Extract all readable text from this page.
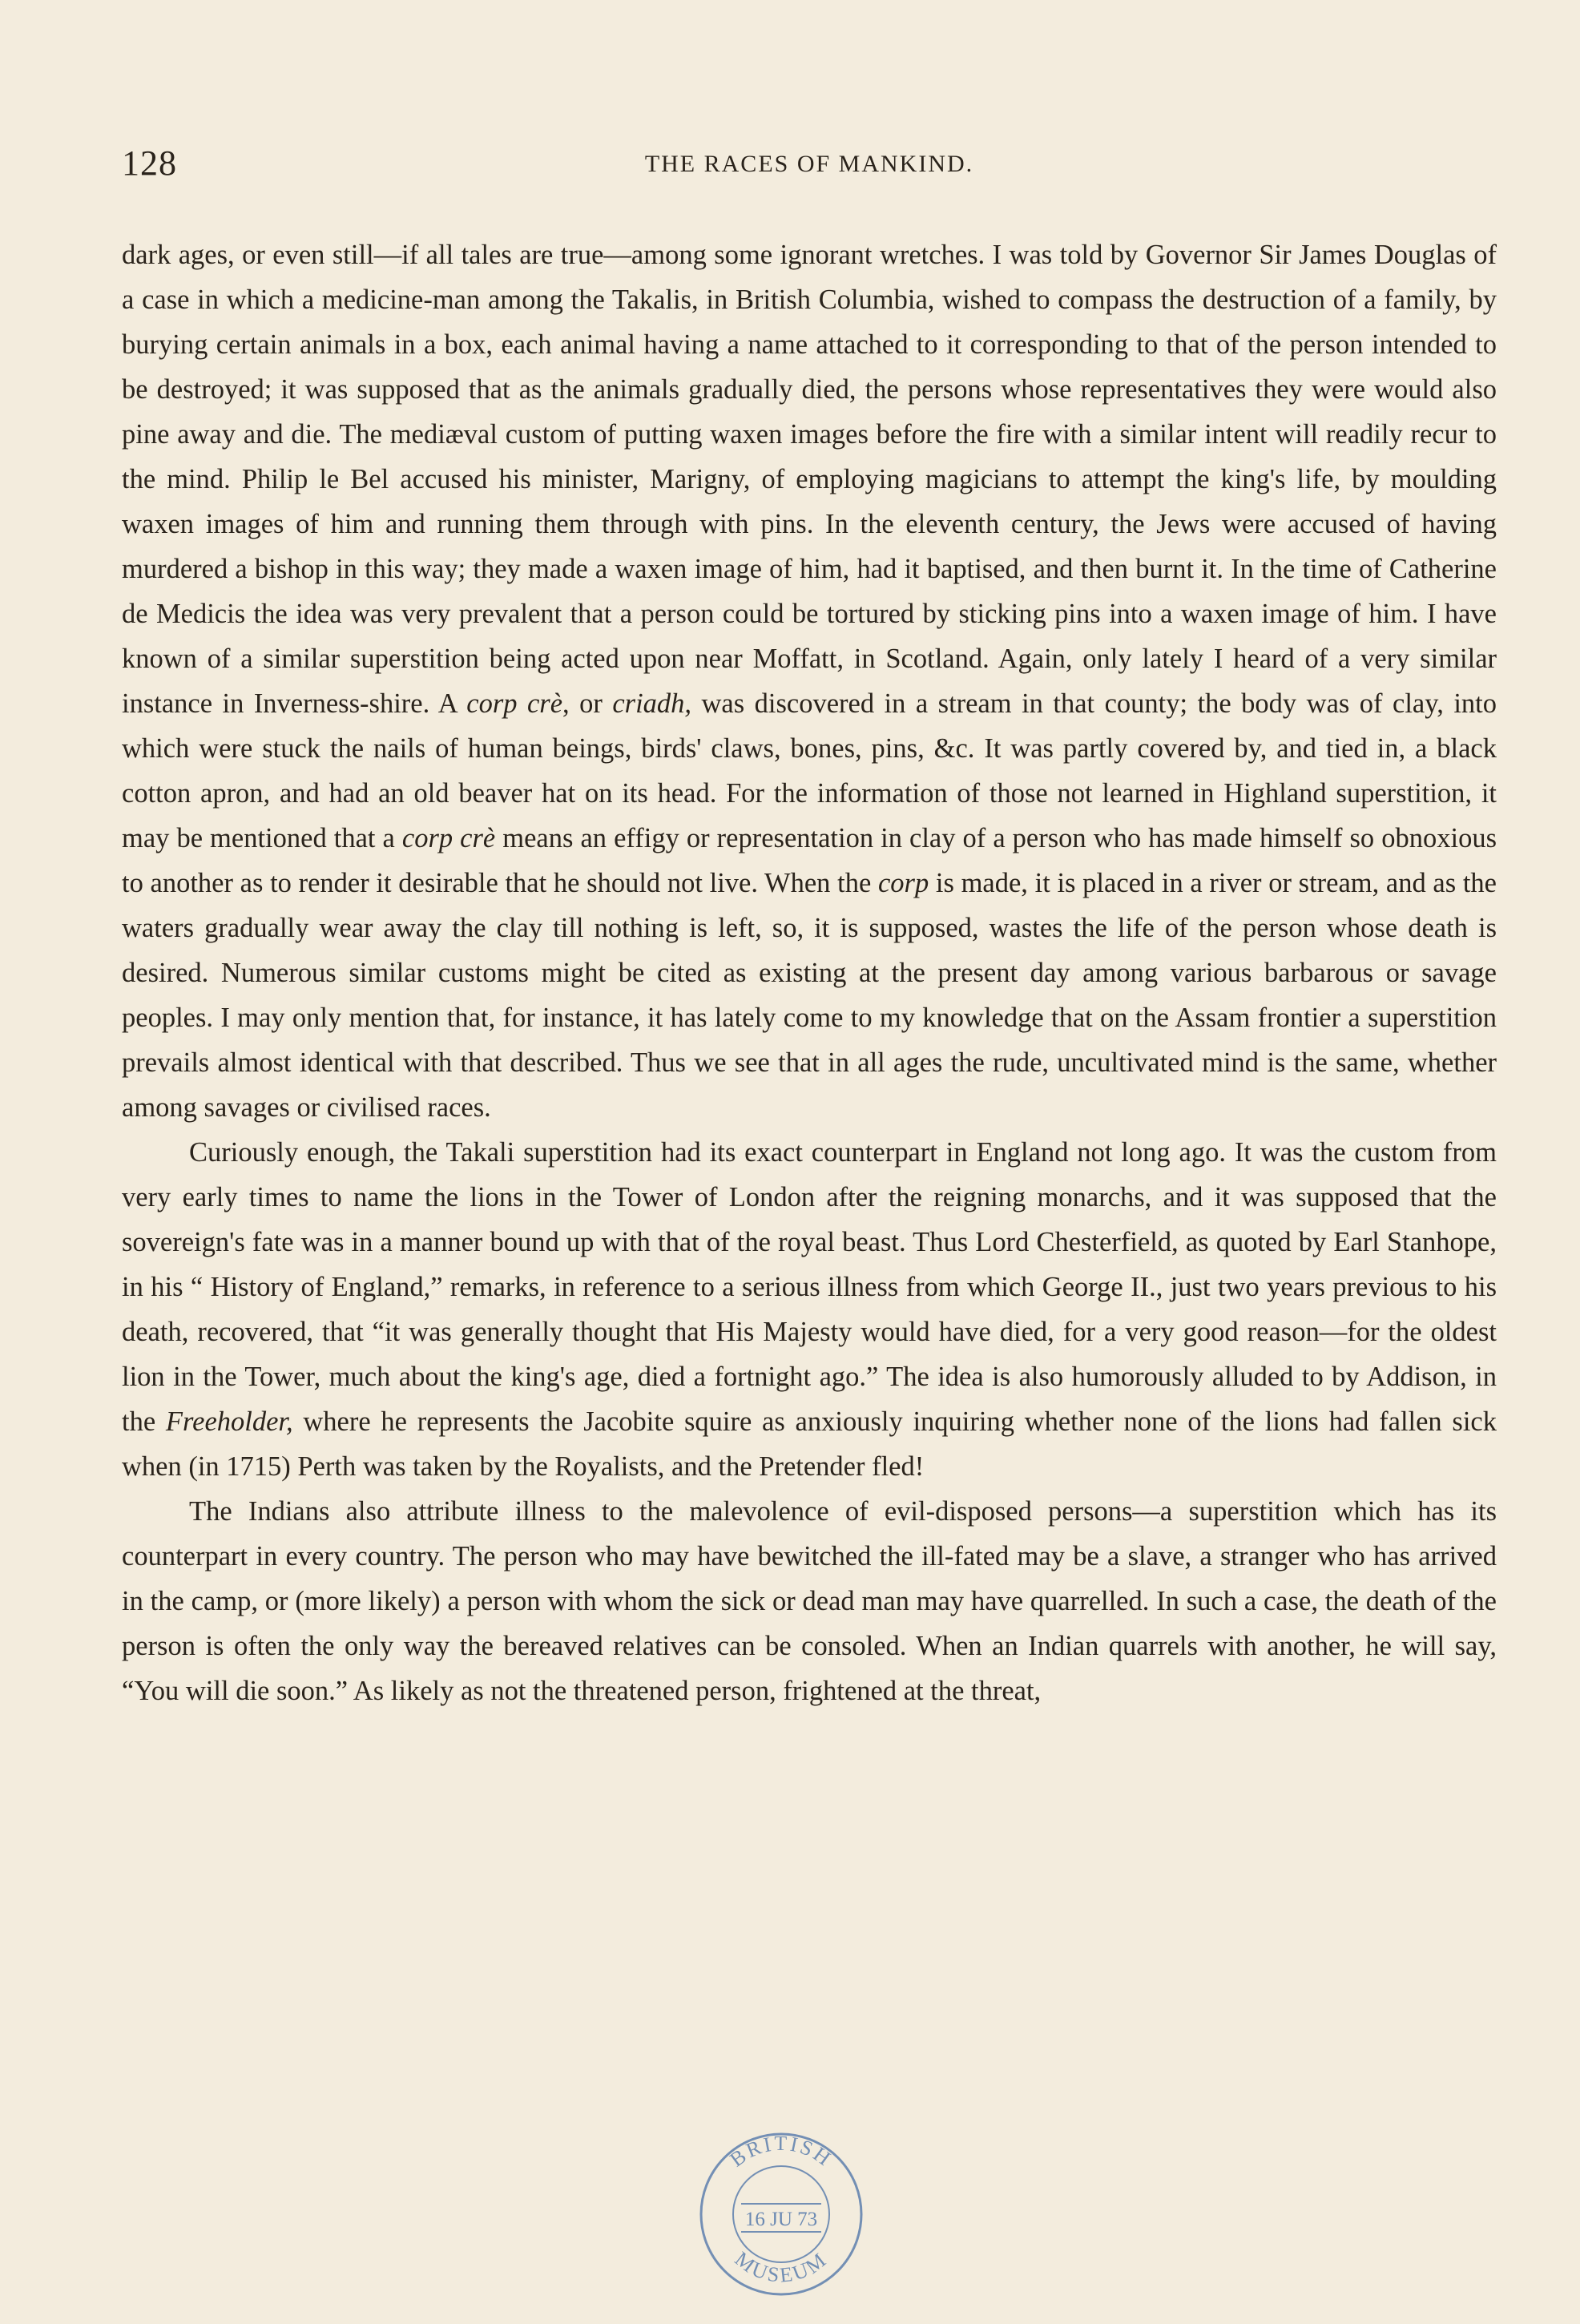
128	THE RACES OF MANKIND.

dark ages, or even still—if all tales are true—among some ignorant wretches. I was told by Governor Sir James Douglas of a case in which a medicine-man among the Takalis, in British Columbia, wished to compass the destruction of a family, by burying certain animals in a box, each animal having a name attached to it corresponding to that of the person intended to be destroyed; it was supposed that as the animals gradually died, the persons whose representatives they were would also pine away and die. The mediæval custom of putting waxen images before the fire with a similar intent will readily recur to the mind. Philip le Bel accused his minister, Marigny, of employing magicians to attempt the king's life, by moulding waxen images of him and running them through with pins. In the eleventh century, the Jews were accused of having murdered a bishop in this way; they made a waxen image of him, had it baptised, and then burnt it. In the time of Catherine de Medicis the idea was very prevalent that a person could be tortured by sticking pins into a waxen image of him. I have known of a similar superstition being acted upon near Moffatt, in Scotland. Again, only lately I heard of a very similar instance in Inverness-shire. A corp crè, or criadh, was discovered in a stream in that county; the body was of clay, into which were stuck the nails of human beings, birds' claws, bones, pins, &c. It was partly covered by, and tied in, a black cotton apron, and had an old beaver hat on its head. For the information of those not learned in Highland superstition, it may be mentioned that a corp crè means an effigy or representation in clay of a person who has made himself so obnoxious to another as to render it desirable that he should not live. When the corp is made, it is placed in a river or stream, and as the waters gradually wear away the clay till nothing is left, so, it is supposed, wastes the life of the person whose death is desired. Numerous similar customs might be cited as existing at the present day among various barbarous or savage peoples. I may only mention that, for instance, it has lately come to my knowledge that on the Assam frontier a superstition prevails almost identical with that described. Thus we see that in all ages the rude, uncultivated mind is the same, whether among savages or civilised races.

Curiously enough, the Takali superstition had its exact counterpart in England not long ago. It was the custom from very early times to name the lions in the Tower of London after the reigning monarchs, and it was supposed that the sovereign's fate was in a manner bound up with that of the royal beast. Thus Lord Chesterfield, as quoted by Earl Stanhope, in his “ History of England,” remarks, in reference to a serious illness from which George II., just two years previous to his death, recovered, that “it was generally thought that His Majesty would have died, for a very good reason—for the oldest lion in the Tower, much about the king's age, died a fortnight ago.” The idea is also humorously alluded to by Addison, in the Freeholder, where he represents the Jacobite squire as anxiously inquiring whether none of the lions had fallen sick when (in 1715) Perth was taken by the Royalists, and the Pretender fled!

The Indians also attribute illness to the malevolence of evil-disposed persons—a superstition which has its counterpart in every country. The person who may have bewitched the ill-fated may be a slave, a stranger who has arrived in the camp, or (more likely) a person with whom the sick or dead man may have quarrelled. In such a case, the death of the person is often the only way the bereaved relatives can be consoled. When an Indian quarrels with another, he will say, “You will die soon.” As likely as not the threatened person, frightened at the threat,

BRITISH
16 JU 73
MUSEUM
